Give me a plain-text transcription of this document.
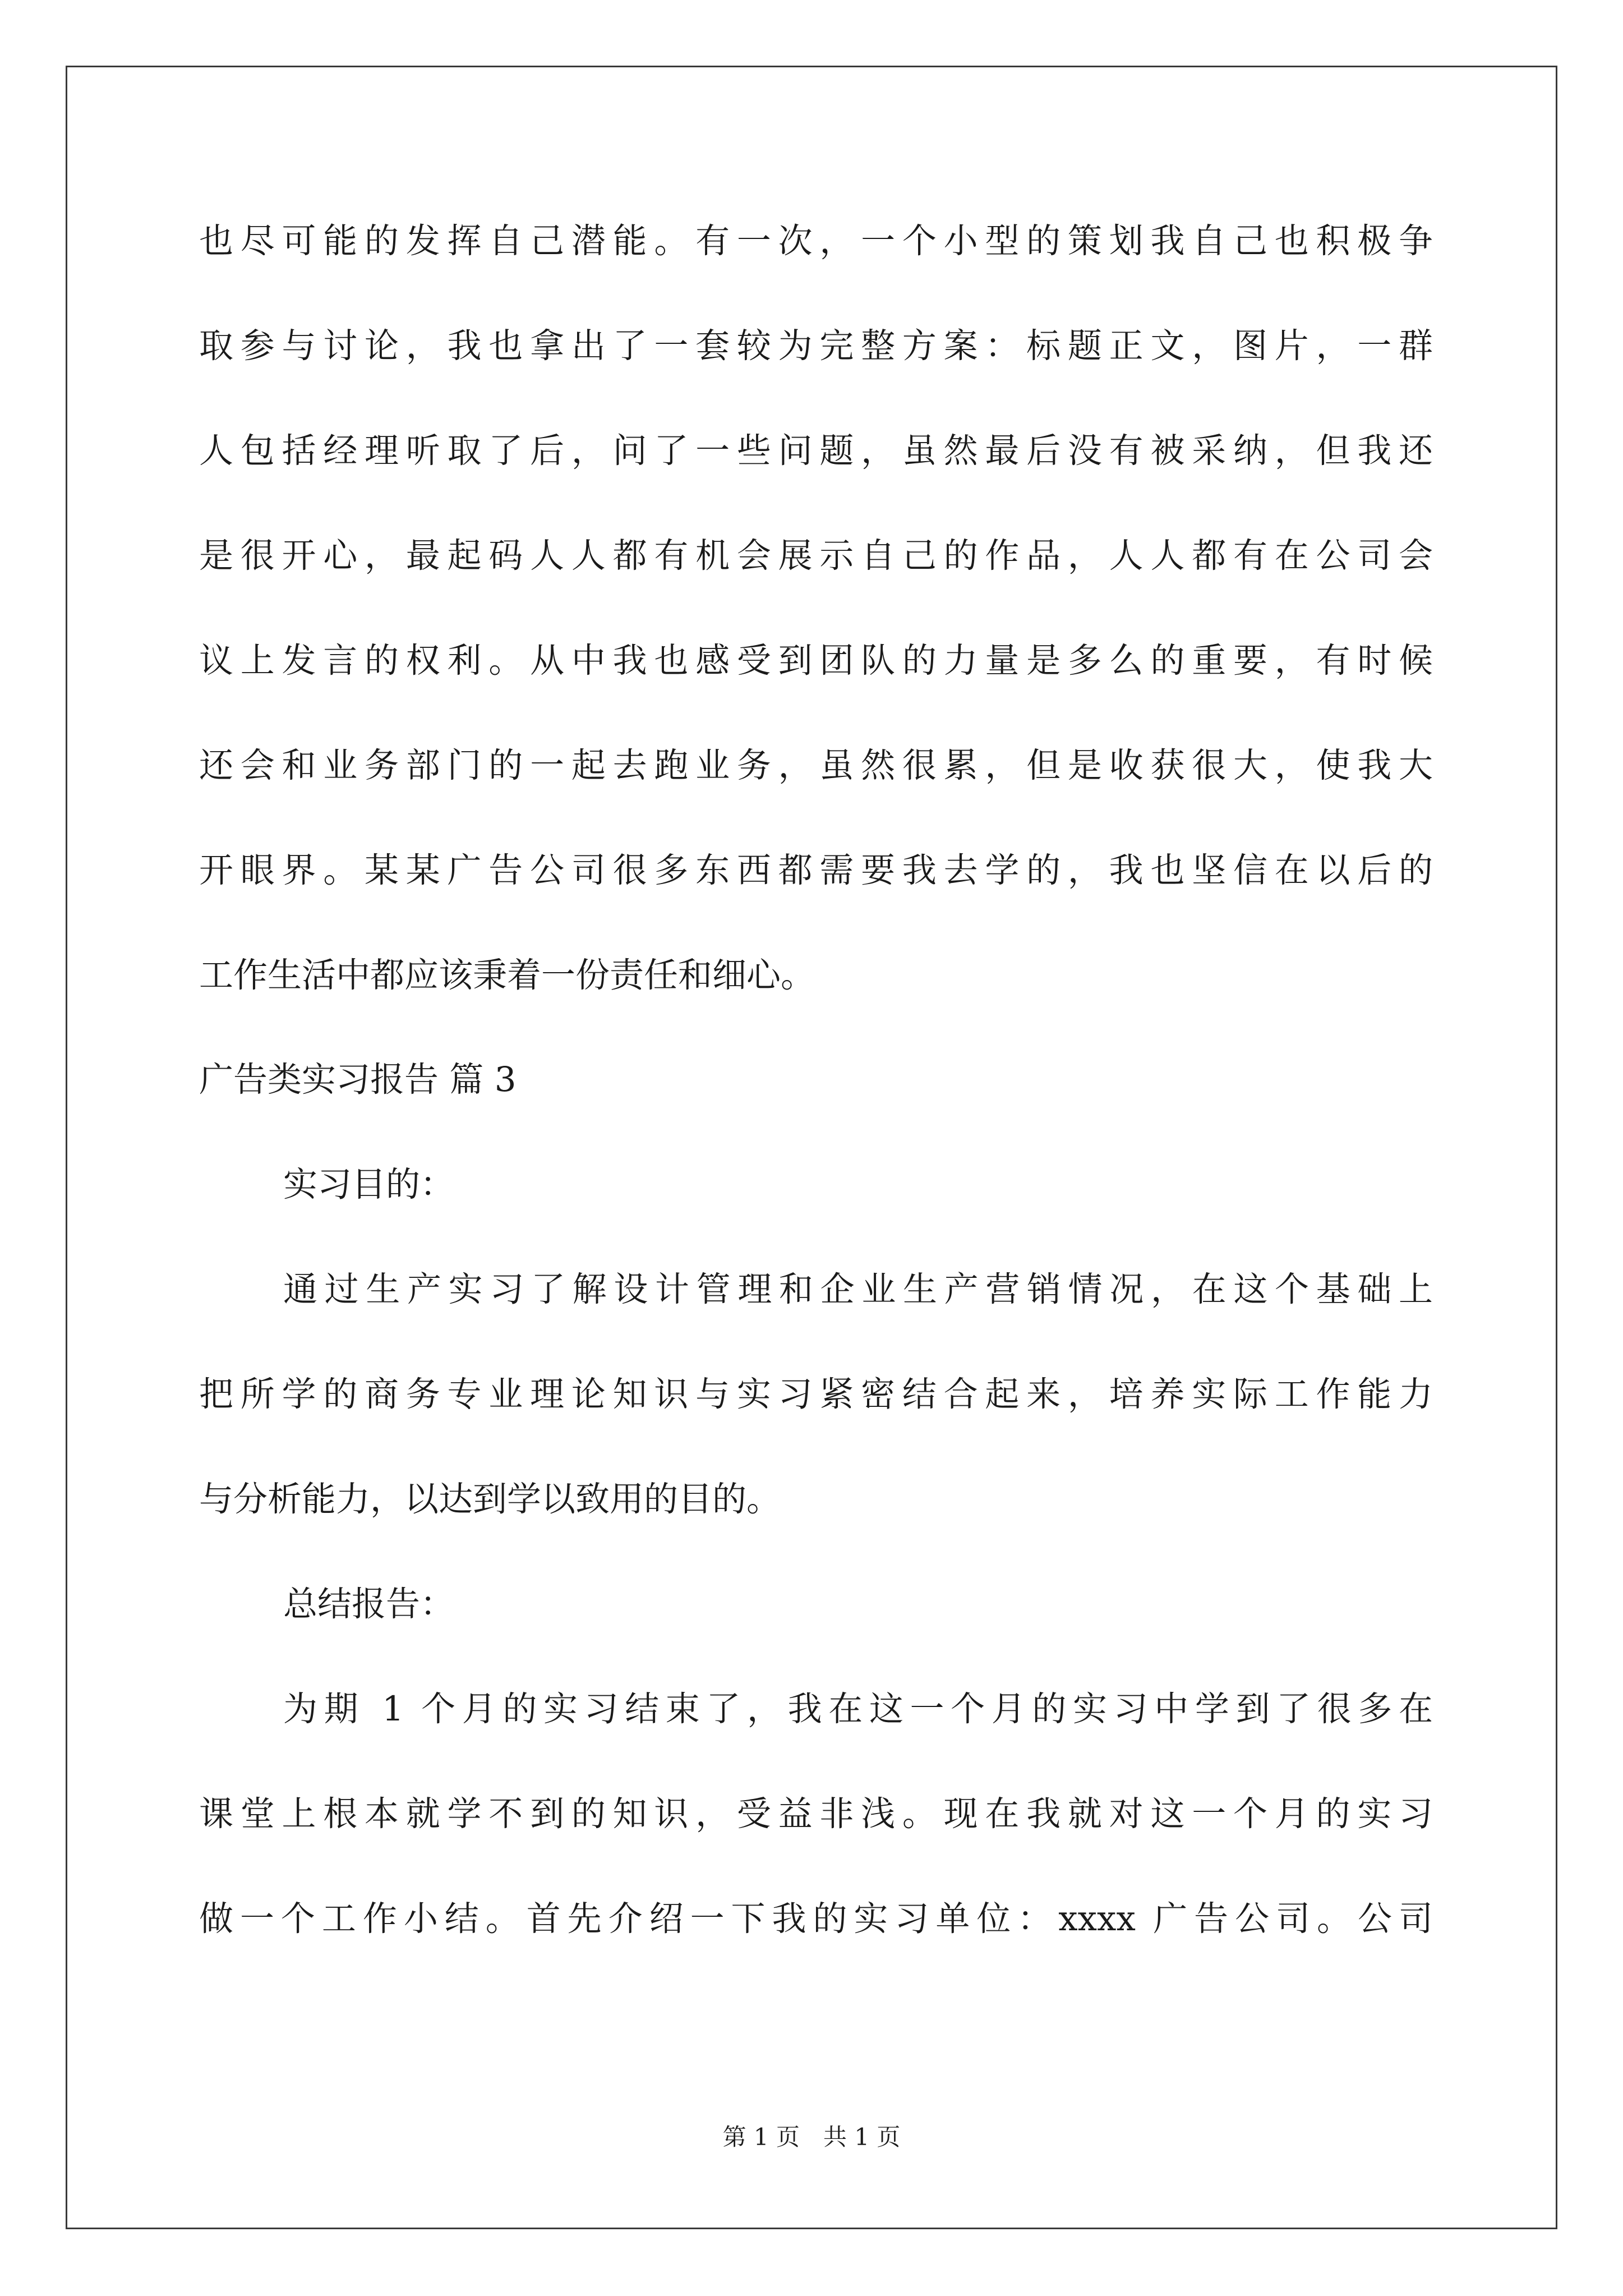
也尽可能的发挥自己潜能。有一次，一个小型的策划我自己也积极争
取参与讨论，我也拿出了一套较为完整方案：标题正文，图片，一群
人包括经理听取了后，问了一些问题，虽然最后没有被采纳，但我还
是很开心，最起码人人都有机会展示自己的作品，人人都有在公司会
议上发言的权利。从中我也感受到团队的力量是多么的重要，有时候
还会和业务部门的一起去跑业务，虽然很累，但是收获很大，使我大
开眼界。某某广告公司很多东西都需要我去学的，我也坚信在以后的
工作生活中都应该秉着一份责任和细心。
广告类实习报告 篇 3
实习目的：
通过生产实习了解设计管理和企业生产营销情况，在这个基础上
把所学的商务专业理论知识与实习紧密结合起来，培养实际工作能力
与分析能力，以达到学以致用的目的。
总结报告：
为期 1 个月的实习结束了，我在这一个月的实习中学到了很多在
课堂上根本就学不到的知识，受益非浅。现在我就对这一个月的实习
做一个工作小结。首先介绍一下我的实习单位：xxxx 广告公司。公司
第 1 页　共 1 页
